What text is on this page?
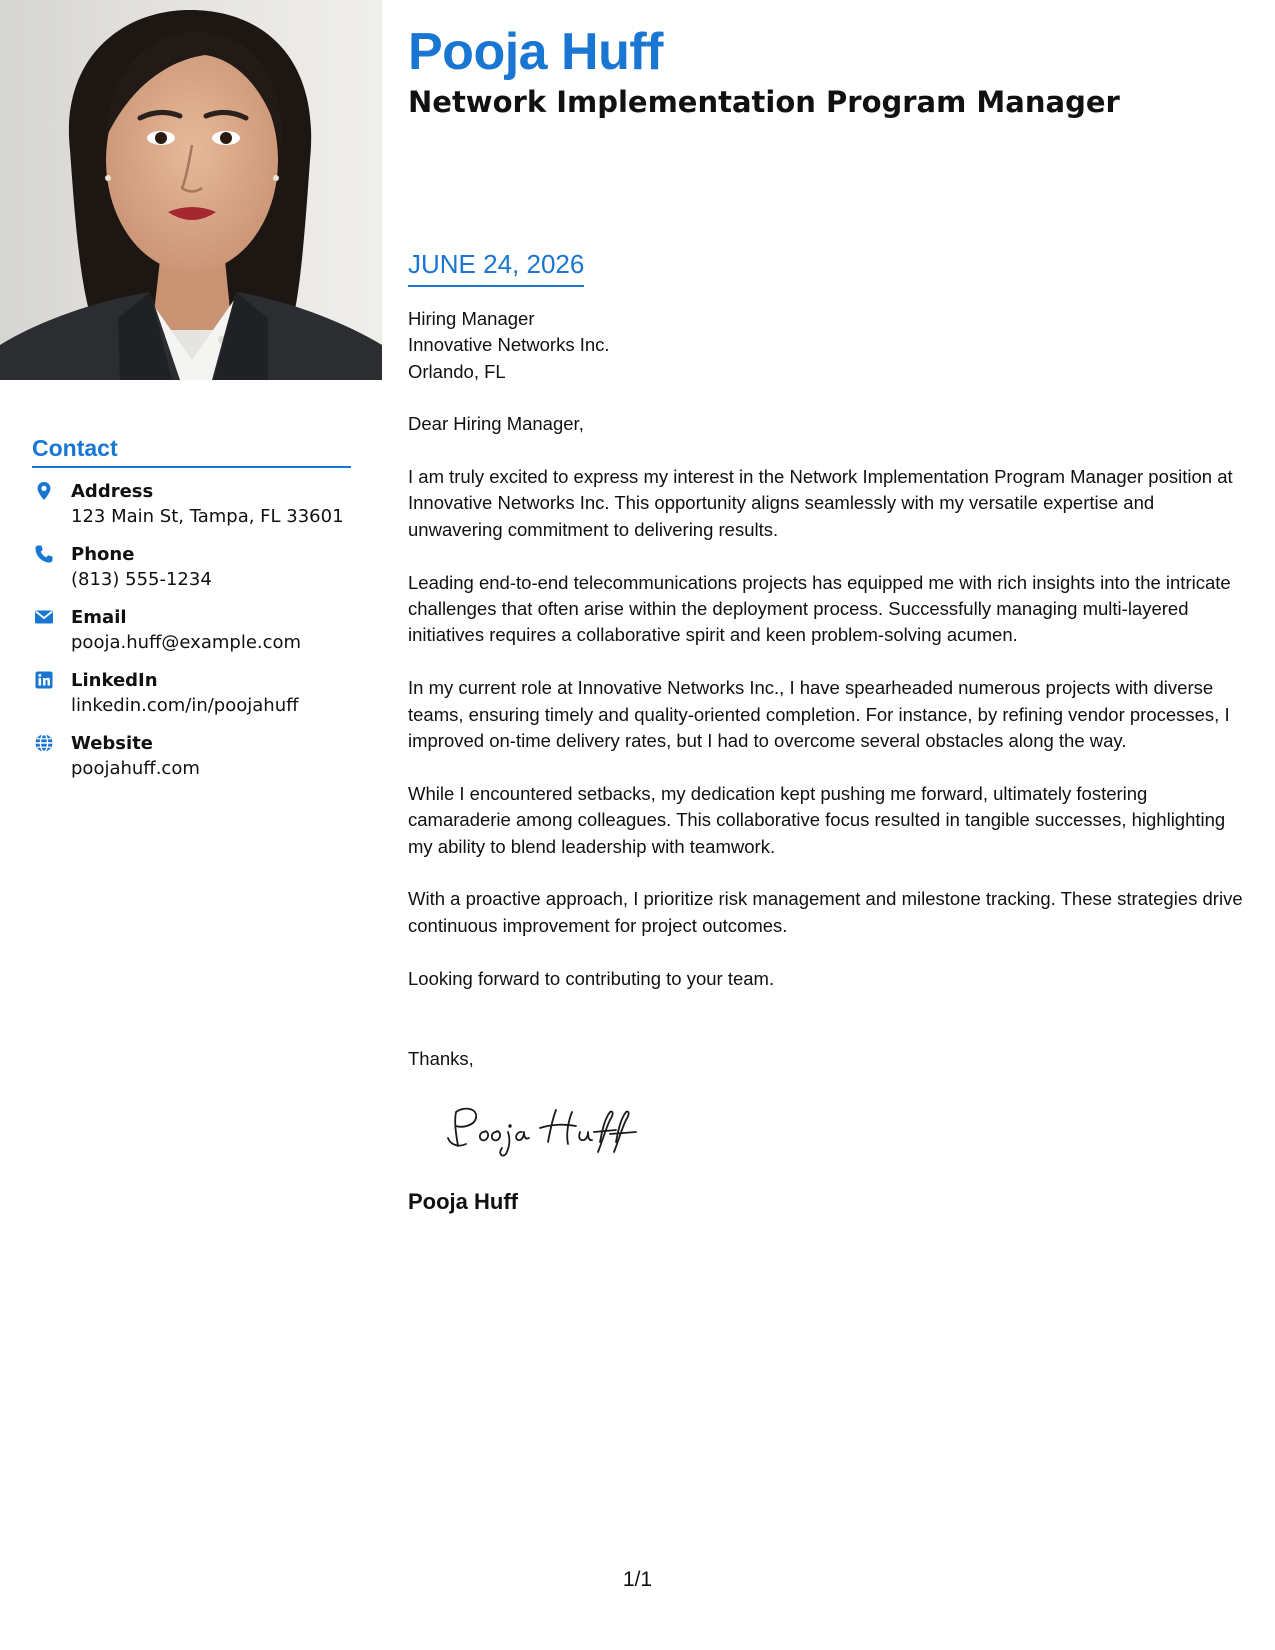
Pooja Huff
Network Implementation Program Manager
Contact
Address
123 Main St, Tampa, FL 33601
Phone
(813) 555-1234
Email
pooja.huff@example.com
LinkedIn
linkedin.com/in/poojahuff
Website
poojahuff.com
JUNE 24, 2026

Hiring Manager

Innovative Networks Inc.

Orlando, FL

Dear Hiring Manager,

I am truly excited to express my interest in the Network Implementation Program Manager position at Innovative Networks Inc. This opportunity aligns seamlessly with my versatile expertise and unwavering commitment to delivering results.

Leading end-to-end telecommunications projects has equipped me with rich insights into the intricate challenges that often arise within the deployment process. Successfully managing multi-layered initiatives requires a collaborative spirit and keen problem-solving acumen.

In my current role at Innovative Networks Inc., I have spearheaded numerous projects with diverse teams, ensuring timely and quality-oriented completion. For instance, by refining vendor processes, I improved on-time delivery rates, but I had to overcome several obstacles along the way.

While I encountered setbacks, my dedication kept pushing me forward, ultimately fostering camaraderie among colleagues. This collaborative focus resulted in tangible successes, highlighting my ability to blend leadership with teamwork.

With a proactive approach, I prioritize risk management and milestone tracking. These strategies drive continuous improvement for project outcomes.

Looking forward to contributing to your team.

Thanks,

Pooja Huff

1/1
